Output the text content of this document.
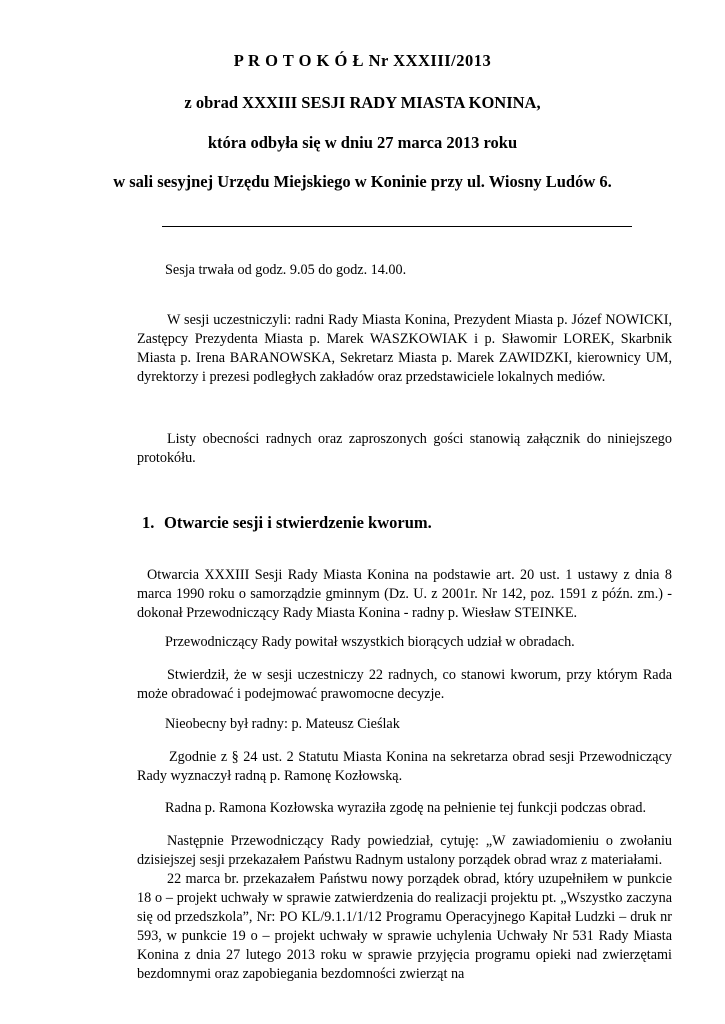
P R O T O K Ó Ł Nr XXXIII/2013
z obrad XXXIII SESJI RADY MIASTA KONINA,
która odbyła się w dniu 27 marca 2013 roku
w sali sesyjnej Urzędu Miejskiego w Koninie przy ul. Wiosny Ludów 6.
Sesja trwała od godz. 9.05 do godz. 14.00.
W sesji uczestniczyli: radni Rady Miasta Konina, Prezydent Miasta p. Józef NOWICKI, Zastępcy Prezydenta Miasta p. Marek WASZKOWIAK i p. Sławomir LOREK, Skarbnik Miasta p. Irena BARANOWSKA, Sekretarz Miasta p. Marek ZAWIDZKI, kierownicy UM, dyrektorzy i prezesi podległych zakładów oraz przedstawiciele lokalnych mediów.
Listy obecności radnych oraz zaproszonych gości stanowią załącznik do niniejszego protokółu.
1. Otwarcie sesji i stwierdzenie kworum.
Otwarcia XXXIII Sesji Rady Miasta Konina na podstawie art. 20 ust. 1 ustawy z dnia 8 marca 1990 roku o samorządzie gminnym (Dz. U. z 2001r. Nr 142, poz. 1591 z późn. zm.) - dokonał Przewodniczący Rady Miasta Konina - radny p. Wiesław STEINKE.
Przewodniczący Rady powitał wszystkich biorących udział w obradach.
Stwierdził, że w sesji uczestniczy 22 radnych, co stanowi kworum, przy którym Rada może obradować i podejmować prawomocne decyzje.
Nieobecny był radny: p. Mateusz Cieślak
Zgodnie z § 24 ust. 2 Statutu Miasta Konina na sekretarza obrad sesji Przewodniczący Rady wyznaczył radną p. Ramonę Kozłowską.
Radna p. Ramona Kozłowska wyraziła zgodę na pełnienie tej funkcji podczas obrad.
Następnie Przewodniczący Rady powiedział, cytuję: „W zawiadomieniu o zwołaniu dzisiejszej sesji przekazałem Państwu Radnym ustalony porządek obrad wraz z materiałami.
22 marca br. przekazałem Państwu nowy porządek obrad, który uzupełniłem w punkcie 18 o – projekt uchwały w sprawie zatwierdzenia do realizacji projektu pt. „Wszystko zaczyna się od przedszkola”, Nr: PO KL/9.1.1/1/12 Programu Operacyjnego Kapitał Ludzki – druk nr 593, w punkcie 19 o – projekt uchwały w sprawie uchylenia Uchwały Nr 531 Rady Miasta Konina z dnia 27 lutego 2013 roku w sprawie przyjęcia programu opieki nad zwierzętami bezdomnymi oraz zapobiegania bezdomności zwierząt na
